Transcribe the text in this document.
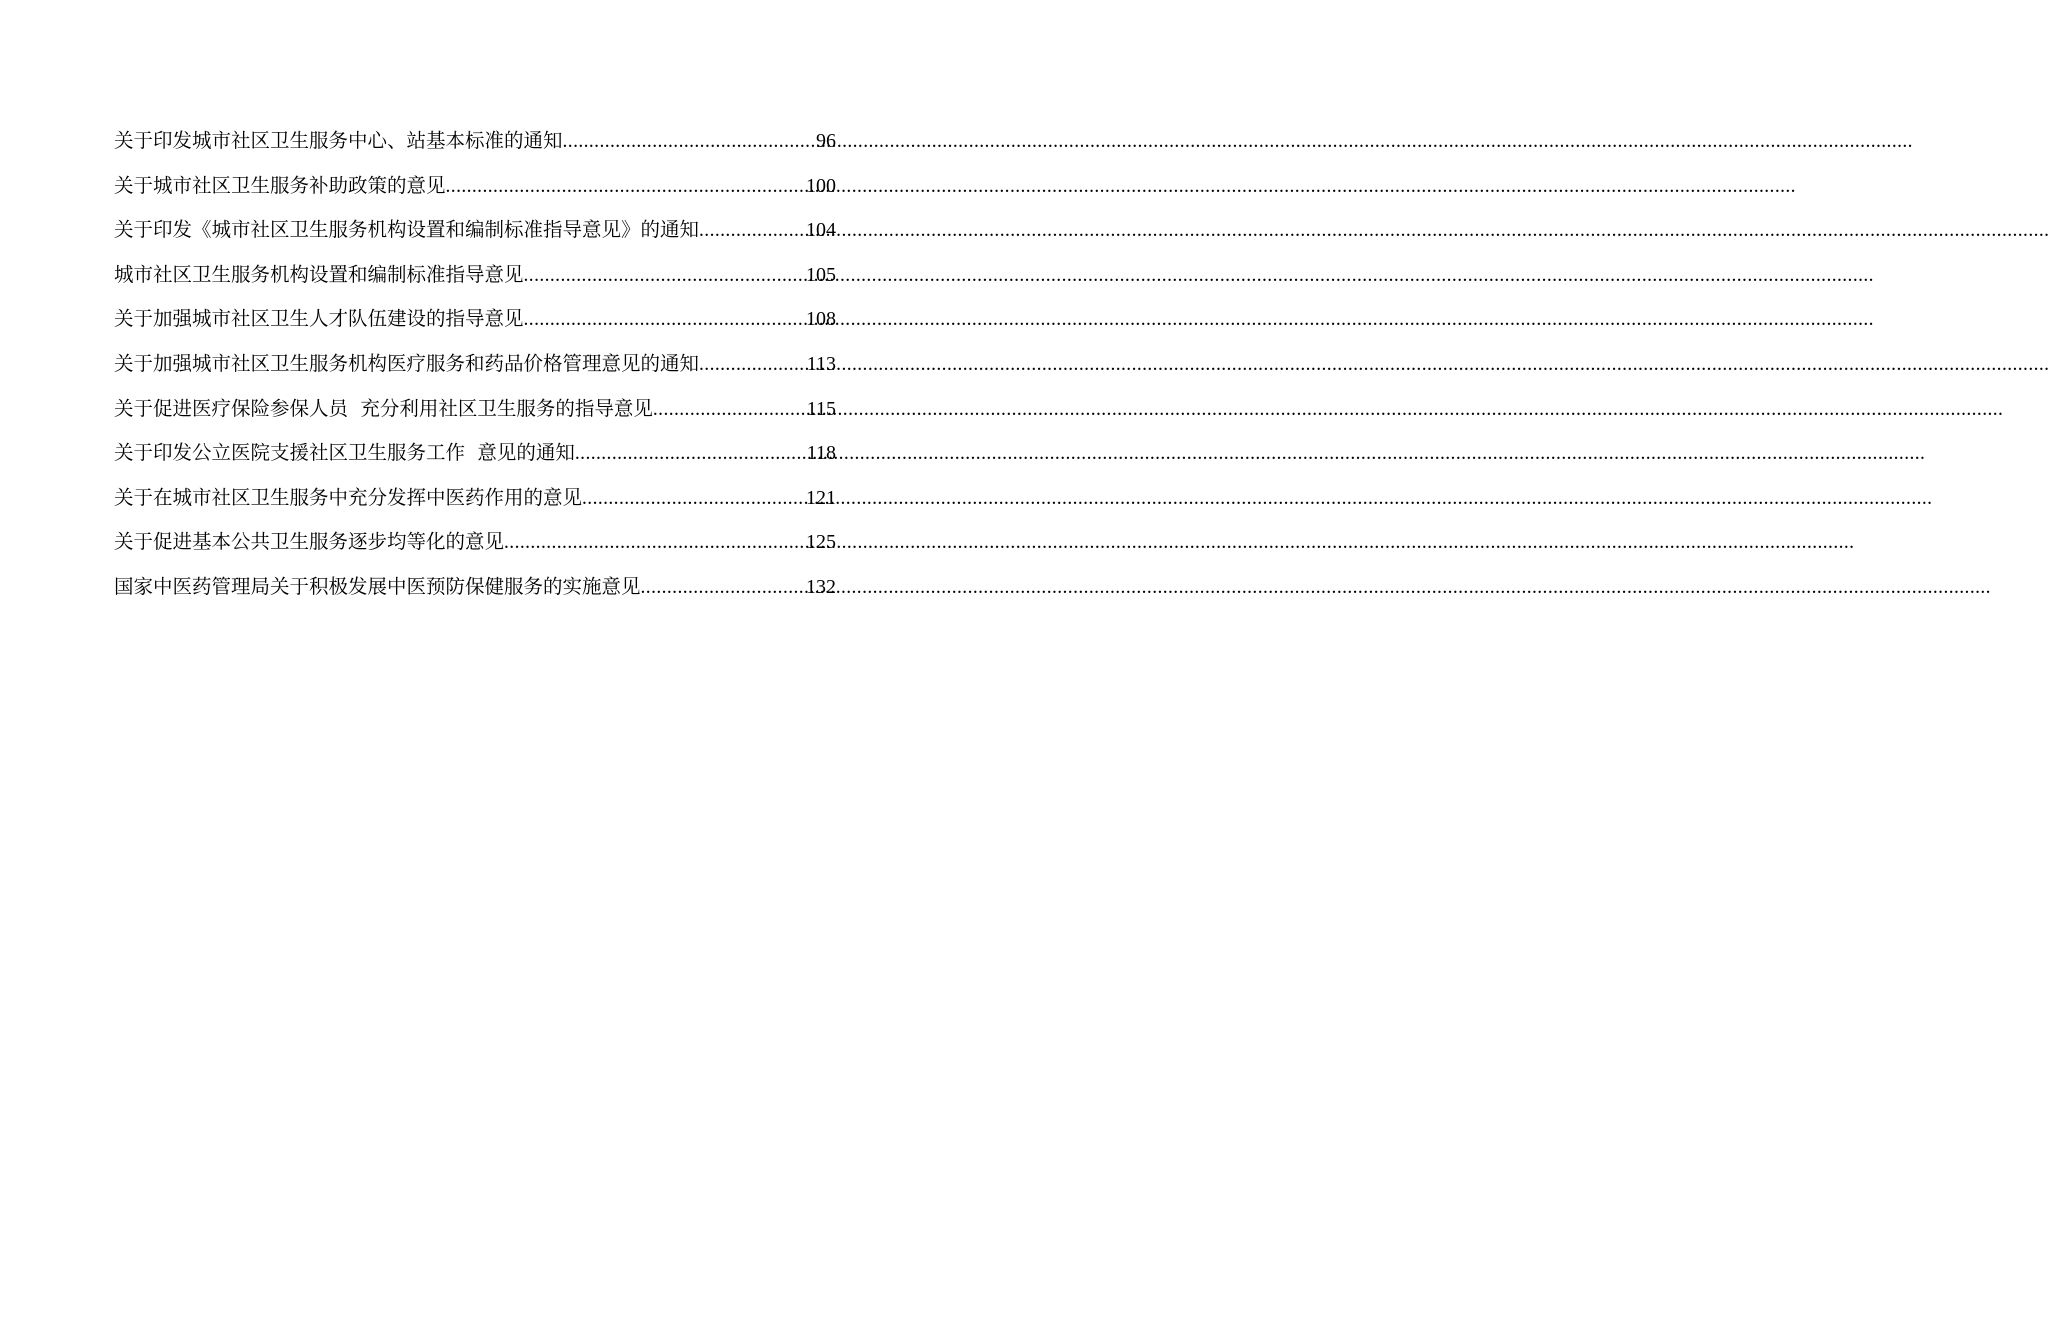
关于印发城市社区卫生服务中心、站基本标准的通知 .....	96
关于城市社区卫生服务补助政策的意见 .....	100
关于印发《城市社区卫生服务机构设置和编制标准指导意见》的通知 .....	104
城市社区卫生服务机构设置和编制标准指导意见 .....	105
关于加强城市社区卫生人才队伍建设的指导意见 .....	108
关于加强城市社区卫生服务机构医疗服务和药品价格管理意见的通知 .....	113
关于促进医疗保险参保人员  充分利用社区卫生服务的指导意见 .....	115
关于印发公立医院支援社区卫生服务工作  意见的通知 .....	118
关于在城市社区卫生服务中充分发挥中医药作用的意见 .....	121
关于促进基本公共卫生服务逐步均等化的意见 .....	125
国家中医药管理局关于积极发展中医预防保健服务的实施意见 .....	132
